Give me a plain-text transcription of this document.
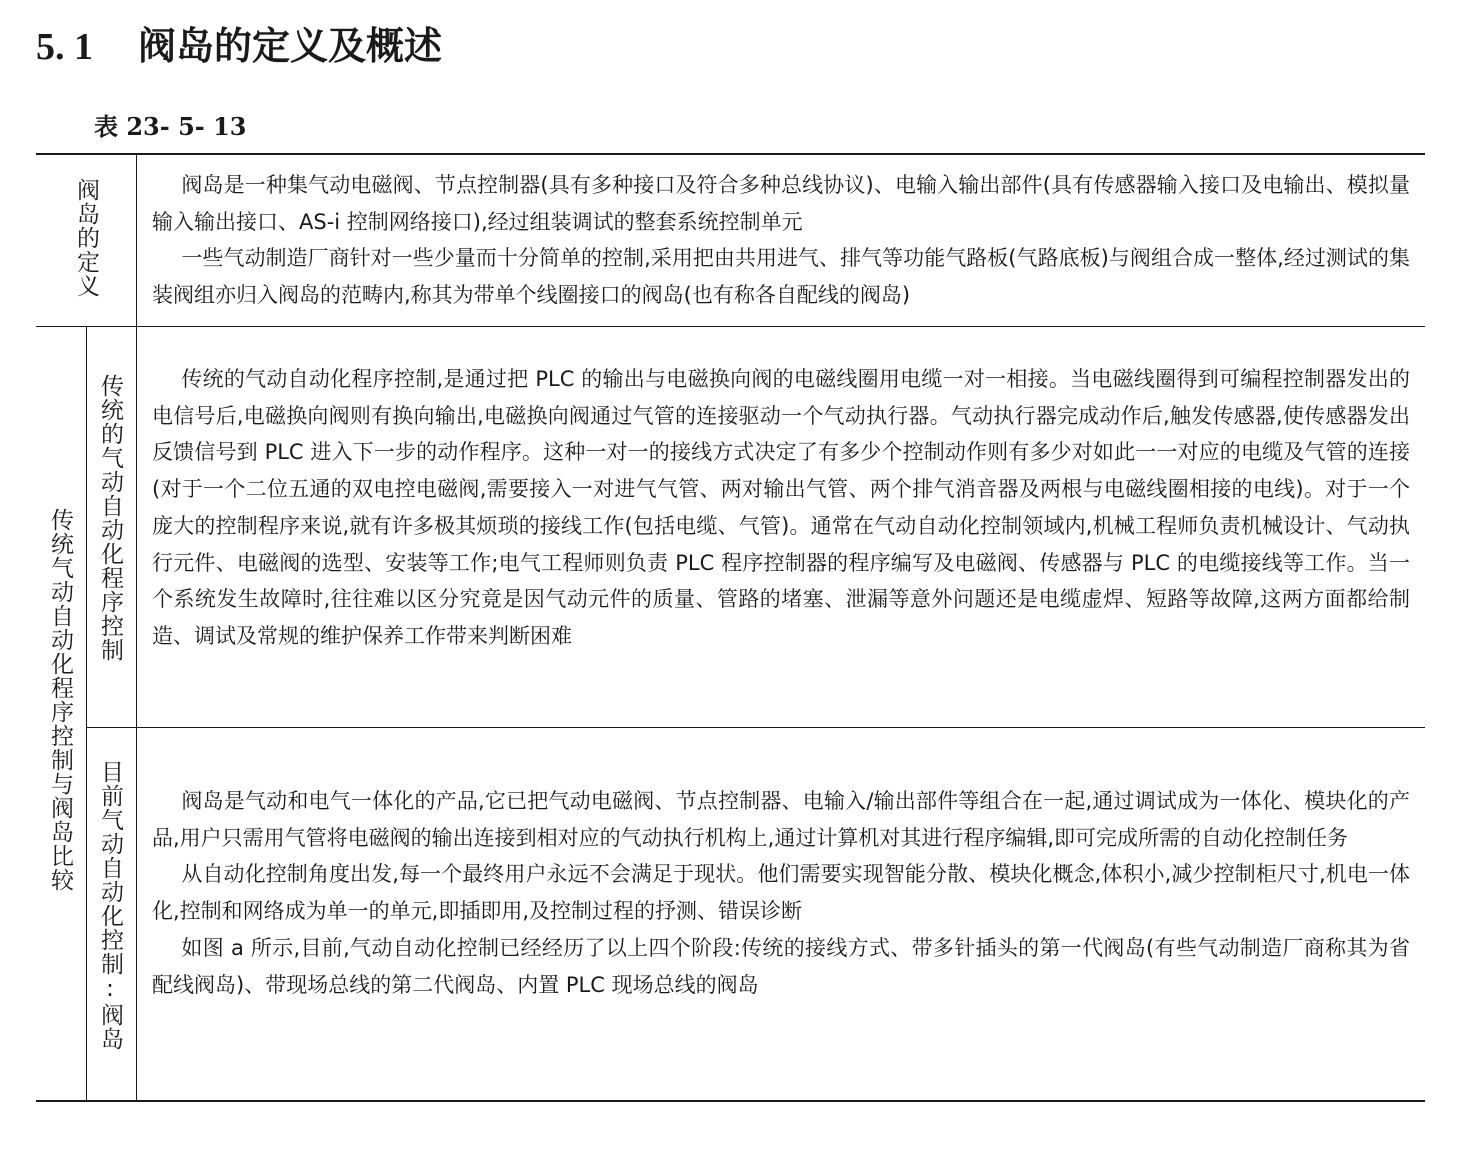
5. 1 阀岛的定义及概述
表 23- 5- 13
阀岛的定义
传统气动自动化程序控制与阀岛比较 传统的气动自动化程序控制
目前气动自动化控制:阀岛

阀岛是一种集气动电磁阀、节点控制器(具有多种接口及符合多种总线协议)、电输入输出部件(具有传感器输入接口及电输出、模拟量输入输出接口、AS-i 控制网络接口),经过组装调试的整套系统控制单元

一些气动制造厂商针对一些少量而十分简单的控制,采用把由共用进气、排气等功能气路板(气路底板)与阀组合成一整体,经过测试的集装阀组亦归入阀岛的范畴内,称其为带单个线圈接口的阀岛(也有称各自配线的阀岛)

传统的气动自动化程序控制,是通过把 PLC 的输出与电磁换向阀的电磁线圈用电缆一对一相接。当电磁线圈得到可编程控制器发出的电信号后,电磁换向阀则有换向输出,电磁换向阀通过气管的连接驱动一个气动执行器。气动执行器完成动作后,触发传感器,使传感器发出反馈信号到 PLC 进入下一步的动作程序。这种一对一的接线方式决定了有多少个控制动作则有多少对如此一一对应的电缆及气管的连接(对于一个二位五通的双电控电磁阀,需要接入一对进气气管、两对输出气管、两个排气消音器及两根与电磁线圈相接的电线)。对于一个庞大的控制程序来说,就有许多极其烦琐的接线工作(包括电缆、气管)。通常在气动自动化控制领域内,机械工程师负责机械设计、气动执行元件、电磁阀的选型、安装等工作;电气工程师则负责 PLC 程序控制器的程序编写及电磁阀、传感器与 PLC 的电缆接线等工作。当一个系统发生故障时,往往难以区分究竟是因气动元件的质量、管路的堵塞、泄漏等意外问题还是电缆虚焊、短路等故障,这两方面都给制造、调试及常规的维护保养工作带来判断困难

阀岛是气动和电气一体化的产品,它已把气动电磁阀、节点控制器、电输入/输出部件等组合在一起,通过调试成为一体化、模块化的产品,用户只需用气管将电磁阀的输出连接到相对应的气动执行机构上,通过计算机对其进行程序编辑,即可完成所需的自动化控制任务

从自动化控制角度出发,每一个最终用户永远不会满足于现状。他们需要实现智能分散、模块化概念,体积小,减少控制柜尺寸,机电一体化,控制和网络成为单一的单元,即插即用,及控制过程的抒测、错误诊断

如图 a 所示,目前,气动自动化控制已经经历了以上四个阶段:传统的接线方式、带多针插头的第一代阀岛(有些气动制造厂商称其为省配线阀岛)、带现场总线的第二代阀岛、内置 PLC 现场总线的阀岛
